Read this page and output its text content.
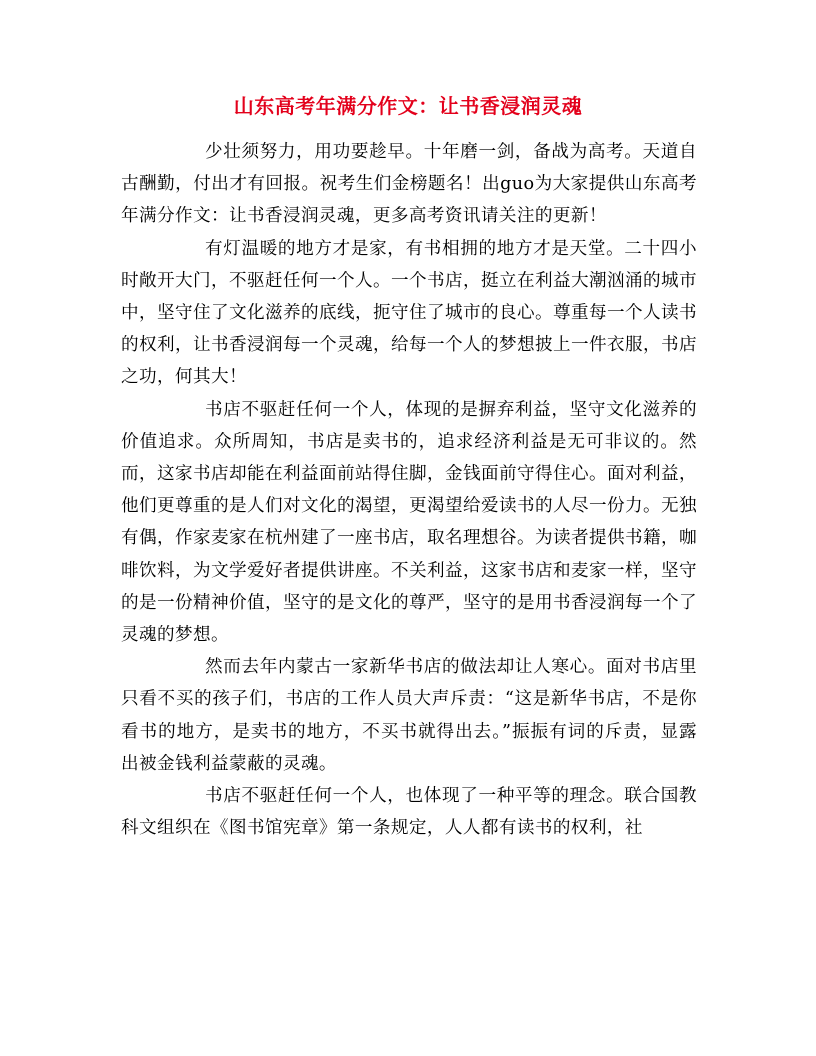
山东高考年满分作文：让书香浸润灵魂

少壮须努力，用功要趁早。十年磨一剑，备战为高考。天道自古酬勤，付出才有回报。祝考生们金榜题名！出guo为大家提供山东高考年满分作文：让书香浸润灵魂，更多高考资讯请关注的更新！

有灯温暖的地方才是家，有书相拥的地方才是天堂。二十四小时敞开大门，不驱赶任何一个人。一个书店，挺立在利益大潮汹涌的城市中，坚守住了文化滋养的底线，扼守住了城市的良心。尊重每一个人读书的权利，让书香浸润每一个灵魂，给每一个人的梦想披上一件衣服，书店之功，何其大！

书店不驱赶任何一个人，体现的是摒弃利益，坚守文化滋养的价值追求。众所周知，书店是卖书的，追求经济利益是无可非议的。然而，这家书店却能在利益面前站得住脚，金钱面前守得住心。面对利益，他们更尊重的是人们对文化的渴望，更渴望给爱读书的人尽一份力。无独有偶，作家麦家在杭州建了一座书店，取名理想谷。为读者提供书籍，咖啡饮料，为文学爱好者提供讲座。不关利益，这家书店和麦家一样，坚守的是一份精神价值，坚守的是文化的尊严，坚守的是用书香浸润每一个了灵魂的梦想。

然而去年内蒙古一家新华书店的做法却让人寒心。面对书店里只看不买的孩子们，书店的工作人员大声斥责：“这是新华书店，不是你看书的地方，是卖书的地方，不买书就得出去。”振振有词的斥责，显露出被金钱利益蒙蔽的灵魂。

书店不驱赶任何一个人，也体现了一种平等的理念。联合国教科文组织在《图书馆宪章》第一条规定，人人都有读书的权利，社
